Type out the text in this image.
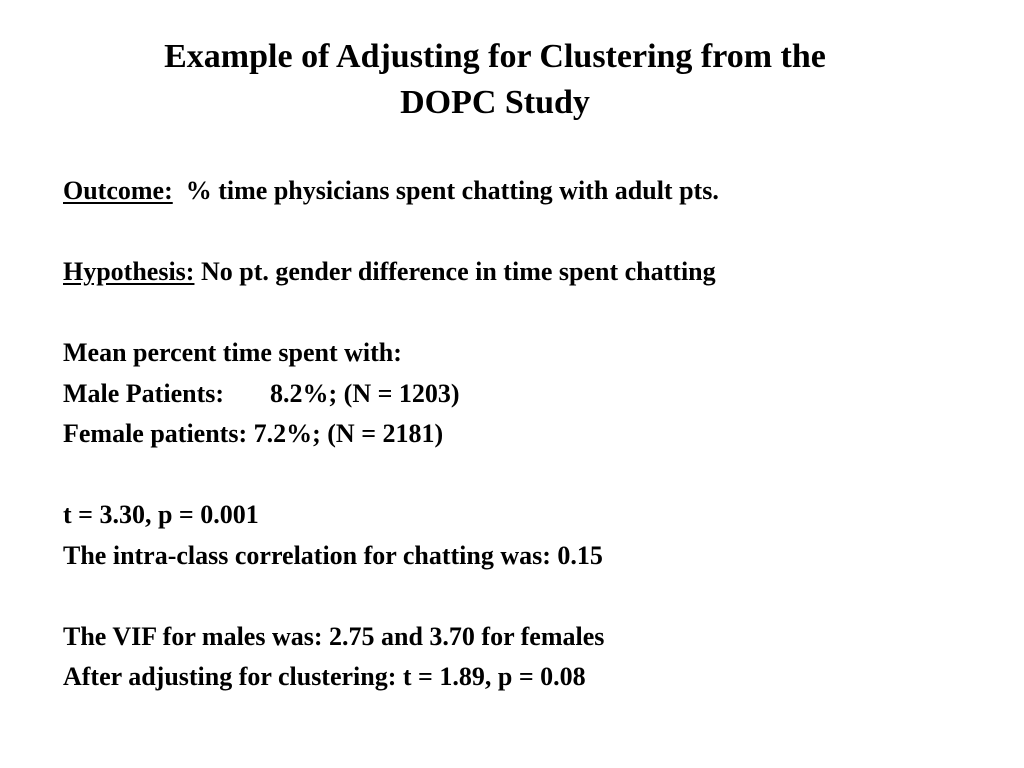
Example of Adjusting for Clustering from the
DOPC Study
Outcome:  % time physicians spent chatting with adult pts.
Hypothesis: No pt. gender difference in time spent chatting
Mean percent time spent with:
Male Patients: 8.2%; (N = 1203)
Female patients: 7.2%; (N = 2181)
t = 3.30, p = 0.001
The intra-class correlation for chatting was: 0.15
The VIF for males was: 2.75 and 3.70 for females
After adjusting for clustering: t = 1.89, p = 0.08
